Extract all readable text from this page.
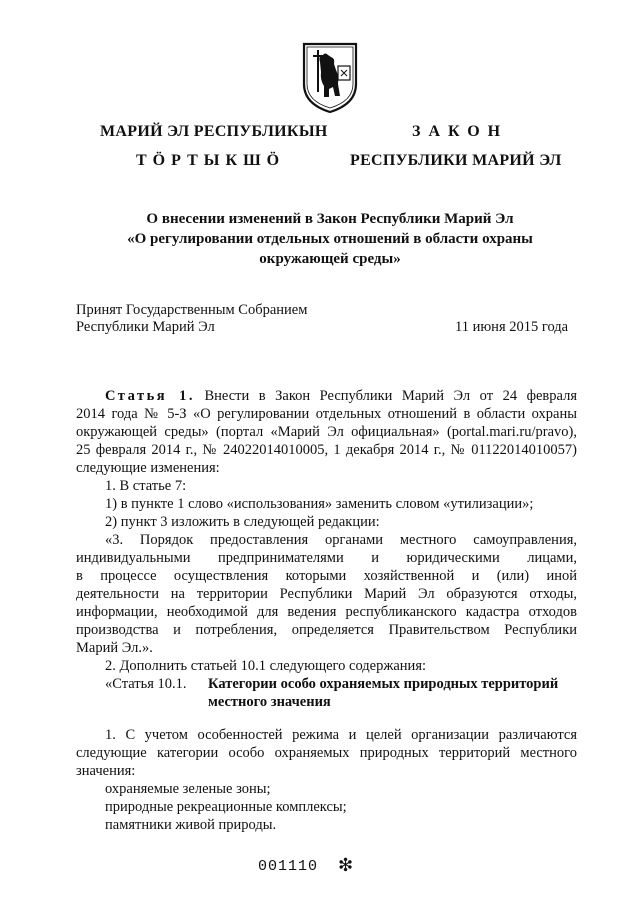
МАРИЙ ЭЛ РЕСПУБЛИКЫН
ТӦРТЫКШӦ
ЗАКОН
РЕСПУБЛИКИ МАРИЙ ЭЛ
О внесении изменений в Закон Республики Марий Эл
«О регулировании отдельных отношений в области охраны
окружающей среды»
Принят Государственным Собранием
Республики Марий Эл	11 июня 2015 года
Статья 1. Внести в Закон Республики Марий Эл от 24 февраля
2014 года № 5-З «О регулировании отдельных отношений в области охраны
окружающей среды» (портал «Марий Эл официальная» (portal.mari.ru/pravo),
25 февраля 2014 г., № 24022014010005, 1 декабря 2014 г., № 01122014010057)
следующие изменения:
1. В статье 7:
1) в пункте 1 слово «использования» заменить словом «утилизации»;
2) пункт 3 изложить в следующей редакции:
«3. Порядок предоставления органами местного самоуправления,
индивидуальными предпринимателями и юридическими лицами,
в процессе осуществления которыми хозяйственной и (или) иной
деятельности на территории Республики Марий Эл образуются отходы,
информации, необходимой для ведения республиканского кадастра отходов
производства и потребления, определяется Правительством Республики
Марий Эл.».
2. Дополнить статьей 10.1 следующего содержания:
«Статья 10.1. Категории особо охраняемых природных территорий
местного значения
1. С учетом особенностей режима и целей организации различаются
следующие категории особо охраняемых природных территорий местного
значения:
охраняемые зеленые зоны;
природные рекреационные комплексы;
памятники живой природы.
001110 ❇
